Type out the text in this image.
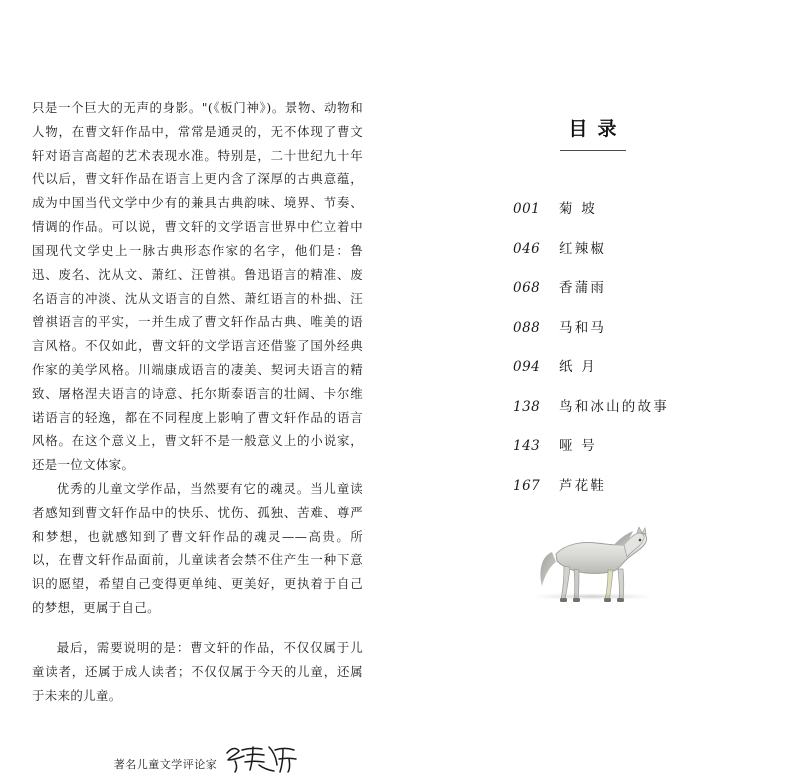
只是一个巨大的无声的身影。"(《板门神》)。景物、动物和人物，在曹文轩作品中，常常是通灵的，无不体现了曹文轩对语言高超的艺术表现水准。特别是，二十世纪九十年代以后，曹文轩作品在语言上更内含了深厚的古典意蕴，成为中国当代文学中少有的兼具古典韵味、境界、节奏、情调的作品。可以说，曹文轩的文学语言世界中伫立着中国现代文学史上一脉古典形态作家的名字，他们是：鲁迅、废名、沈从文、萧红、汪曾祺。鲁迅语言的精准、废名语言的冲淡、沈从文语言的自然、萧红语言的朴拙、汪曾祺语言的平实，一并生成了曹文轩作品古典、唯美的语言风格。不仅如此，曹文轩的文学语言还借鉴了国外经典作家的美学风格。川端康成语言的凄美、契诃夫语言的精致、屠格涅夫语言的诗意、托尔斯泰语言的壮阔、卡尔维诺语言的轻逸，都在不同程度上影响了曹文轩作品的语言风格。在这个意义上，曹文轩不是一般意义上的小说家，还是一位文体家。

优秀的儿童文学作品，当然要有它的魂灵。当儿童读者感知到曹文轩作品中的快乐、忧伤、孤独、苦难、尊严和梦想，也就感知到了曹文轩作品的魂灵——高贵。所以，在曹文轩作品面前，儿童读者会禁不住产生一种下意识的愿望，希望自己变得更单纯、更美好，更执着于自己的梦想，更属于自己。

最后，需要说明的是：曹文轩的作品，不仅仅属于儿童读者，还属于成人读者；不仅仅属于今天的儿童，还属于未来的儿童。

著名儿童文学评论家
目录
001	菊 坡
046	红辣椒
068	香蒲雨
088	马和马
094	纸 月
138	鸟和冰山的故事
143	哑 号
167	芦花鞋
